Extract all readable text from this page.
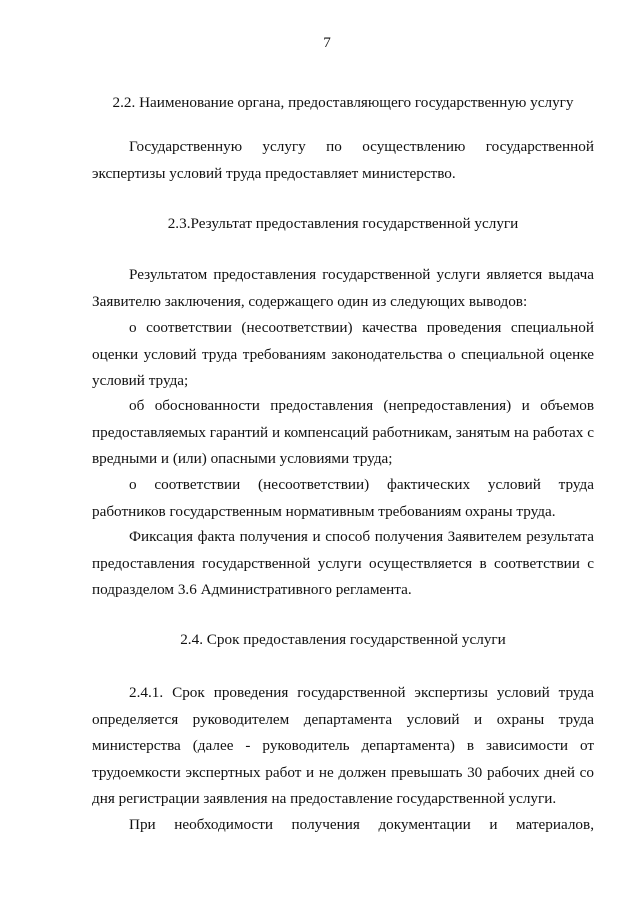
7
2.2. Наименование органа, предоставляющего государственную услугу
Государственную услугу по осуществлению государственной
экспертизы условий труда предоставляет министерство.
2.3.Результат предоставления государственной услуги
Результатом предоставления государственной услуги является выдача
Заявителю заключения, содержащего один из следующих выводов:
о соответствии (несоответствии) качества проведения специальной
оценки условий труда требованиям законодательства о специальной оценке
условий труда;
об обоснованности предоставления (непредоставления) и объемов
предоставляемых гарантий и компенсаций работникам, занятым на работах с
вредными и (или) опасными условиями труда;
о соответствии (несоответствии) фактических условий труда
работников государственным нормативным требованиям охраны труда.
Фиксация факта получения и способ получения Заявителем результата
предоставления государственной услуги осуществляется в соответствии с
подразделом 3.6 Административного регламента.
2.4. Срок предоставления государственной услуги
2.4.1. Срок проведения государственной экспертизы условий труда
определяется руководителем департамента условий и охраны труда
министерства (далее - руководитель департамента) в зависимости от
трудоемкости экспертных работ и не должен превышать 30 рабочих дней со
дня регистрации заявления на предоставление государственной услуги.
При необходимости получения документации и материалов,
